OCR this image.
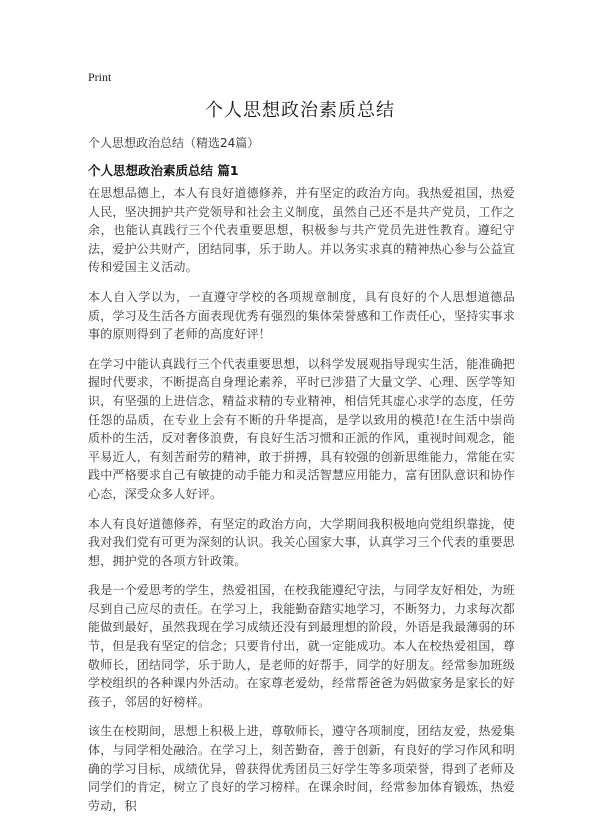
Print
个人思想政治素质总结
个人思想政治总结（精选24篇）
个人思想政治素质总结 篇1

在思想品德上，本人有良好道德修养，并有坚定的政治方向。我热爱祖国，热爱人民，坚决拥护共产党领导和社会主义制度，虽然自己还不是共产党员，工作之余，也能认真践行三个代表重要思想，积极参与共产党员先进性教育。遵纪守法，爱护公共财产，团结同事，乐于助人。并以务实求真的精神热心参与公益宣传和爱国主义活动。

本人自入学以为，一直遵守学校的各项规章制度，具有良好的个人思想道德品质，学习及生活各方面表现优秀有强烈的集体荣誉感和工作责任心，坚持实事求事的原则得到了老师的高度好评！

在学习中能认真践行三个代表重要思想，以科学发展观指导现实生活，能准确把握时代要求，不断提高自身理论素养，平时已涉猎了大量文学、心理、医学等知识，有坚强的上进信念，精益求精的专业精神，相信凭其虚心求学的态度，任劳任怨的品质，在专业上会有不断的升华提高，是学以致用的模范!在生活中崇尚质朴的生活，反对奢侈浪费，有良好生活习惯和正派的作风，重视时间观念，能平易近人，有刻苦耐劳的精神，敢于拼搏，具有较强的创新思维能力，常能在实践中严格要求自己有敏捷的动手能力和灵活智慧应用能力，富有团队意识和协作心态，深受众多人好评。

本人有良好道德修养，有坚定的政治方向，大学期间我积极地向党组织靠拢，使我对我们党有可更为深刻的认识。我关心国家大事，认真学习三个代表的重要思想，拥护党的各项方针政策。

我是一个爱思考的学生，热爱祖国，在校我能遵纪守法，与同学友好相处，为班尽到自己应尽的责任。在学习上，我能勤奋踏实地学习，不断努力，力求每次都能做到最好，虽然我现在学习成绩还没有到最理想的阶段，外语是我最薄弱的环节，但是我有坚定的信念；只要肯付出，就一定能成功。本人在校热爱祖国，尊敬师长，团结同学，乐于助人，是老师的好帮手，同学的好朋友。经常参加班级学校组织的各种课内外活动。在家尊老爱幼，经常帮爸爸为妈做家务是家长的好孩子，邻居的好榜样。

该生在校期间，思想上积极上进，尊敬师长，遵守各项制度，团结友爱，热爱集体，与同学相处融洽。在学习上，刻苦勤奋，善于创新，有良好的学习作风和明确的学习目标，成绩优异，曾获得优秀团员三好学生等多项荣誉，得到了老师及同学们的肯定，树立了良好的学习榜样。在课余时间，经常参加体育锻炼，热爱劳动，积
